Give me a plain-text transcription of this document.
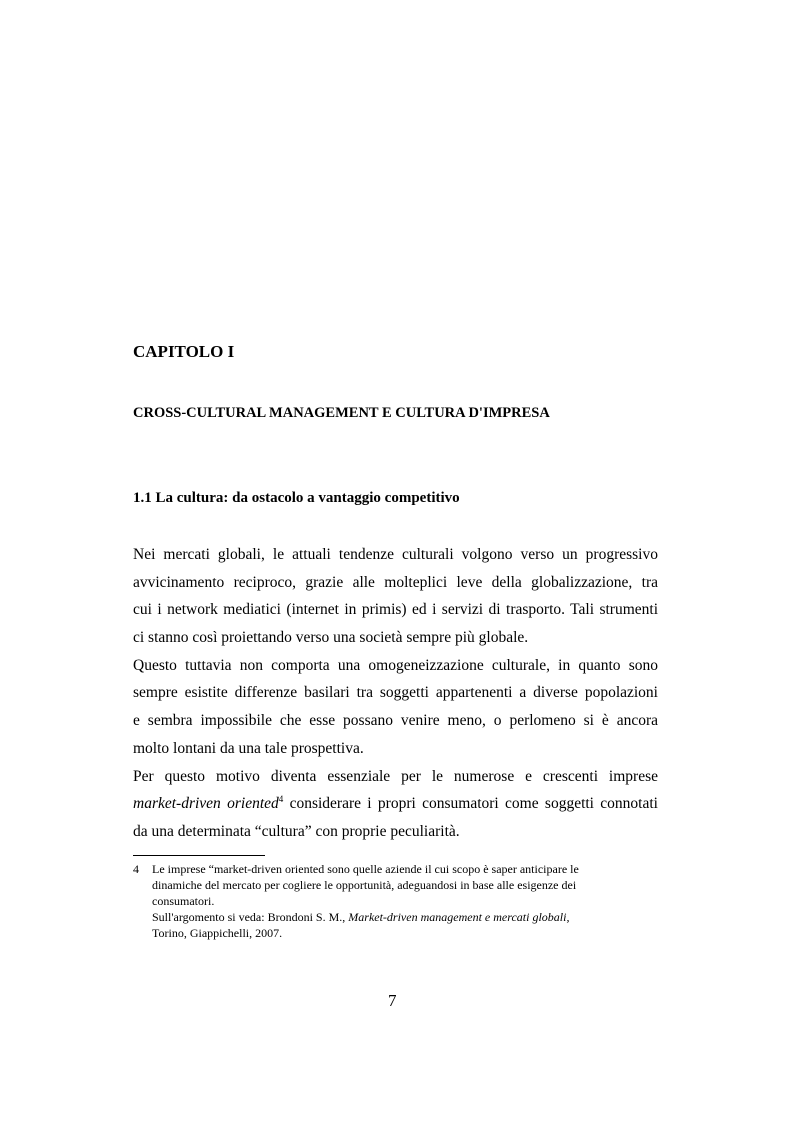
CAPITOLO I
CROSS-CULTURAL MANAGEMENT E CULTURA D'IMPRESA
1.1 La cultura: da ostacolo a vantaggio competitivo
Nei mercati globali, le attuali tendenze culturali volgono verso un progressivo
avvicinamento reciproco, grazie alle molteplici leve della globalizzazione, tra
cui i network mediatici (internet in primis) ed i servizi di trasporto. Tali strumenti
ci stanno così proiettando verso una società sempre più globale.
Questo tuttavia non comporta una omogeneizzazione culturale, in quanto sono
sempre esistite differenze basilari tra soggetti appartenenti a diverse popolazioni
e sembra impossibile che esse possano venire meno, o perlomeno si è ancora
molto lontani da una tale prospettiva.
Per questo motivo diventa essenziale per le numerose e crescenti imprese
market-driven oriented$^4$ considerare i propri consumatori come soggetti connotati
da una determinata “cultura” con proprie peculiarità.
4 Le imprese “market-driven oriented sono quelle aziende il cui scopo è saper anticipare le
dinamiche del mercato per cogliere le opportunità, adeguandosi in base alle esigenze dei
consumatori.
Sull'argomento si veda: Brondoni S. M., Market-driven management e mercati globali,
Torino, Giappichelli, 2007.
7
